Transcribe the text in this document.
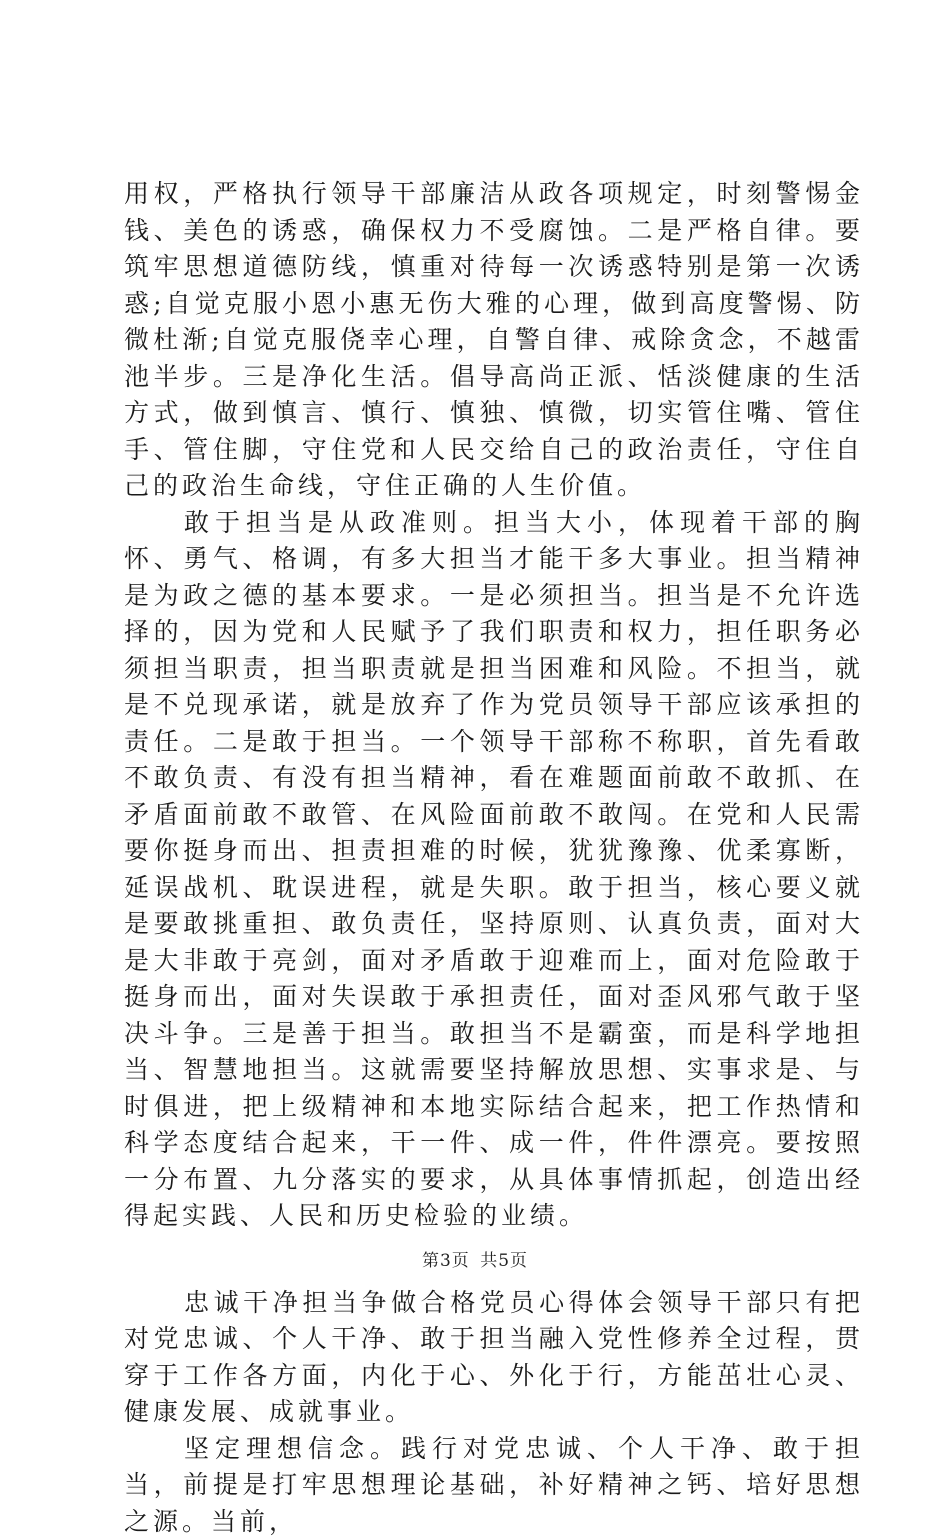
用权，严格执行领导干部廉洁从政各项规定，时刻警惕金钱、美色的诱惑，确保权力不受腐蚀。二是严格自律。要筑牢思想道德防线，慎重对待每一次诱惑特别是第一次诱惑;自觉克服小恩小惠无伤大雅的心理，做到高度警惕、防微杜渐;自觉克服侥幸心理，自警自律、戒除贪念，不越雷池半步。三是净化生活。倡导高尚正派、恬淡健康的生活方式，做到慎言、慎行、慎独、慎微，切实管住嘴、管住手、管住脚，守住党和人民交给自己的政治责任，守住自己的政治生命线，守住正确的人生价值。

敢于担当是从政准则。担当大小，体现着干部的胸怀、勇气、格调，有多大担当才能干多大事业。担当精神是为政之德的基本要求。一是必须担当。担当是不允许选择的，因为党和人民赋予了我们职责和权力，担任职务必须担当职责，担当职责就是担当困难和风险。不担当，就是不兑现承诺，就是放弃了作为党员领导干部应该承担的责任。二是敢于担当。一个领导干部称不称职，首先看敢不敢负责、有没有担当精神，看在难题面前敢不敢抓、在矛盾面前敢不敢管、在风险面前敢不敢闯。在党和人民需要你挺身而出、担责担难的时候，犹犹豫豫、优柔寡断，延误战机、耽误进程，就是失职。敢于担当，核心要义就是要敢挑重担、敢负责任，坚持原则、认真负责，面对大是大非敢于亮剑，面对矛盾敢于迎难而上，面对危险敢于挺身而出，面对失误敢于承担责任，面对歪风邪气敢于坚决斗争。三是善于担当。敢担当不是霸蛮，而是科学地担当、智慧地担当。这就需要坚持解放思想、实事求是、与时俱进，把上级精神和本地实际结合起来，把工作热情和科学态度结合起来，干一件、成一件，件件漂亮。要按照一分布置、九分落实的要求，从具体事情抓起，创造出经得起实践、人民和历史检验的业绩。

忠诚干净担当争做合格党员心得体会领导干部只有把对党忠诚、个人干净、敢于担当融入党性修养全过程，贯穿于工作各方面，内化于心、外化于行，方能茁壮心灵、健康发展、成就事业。

坚定理想信念。践行对党忠诚、个人干净、敢于担当，前提是打牢思想理论基础，补好精神之钙、培好思想之源。当前，

第3页 共5页
